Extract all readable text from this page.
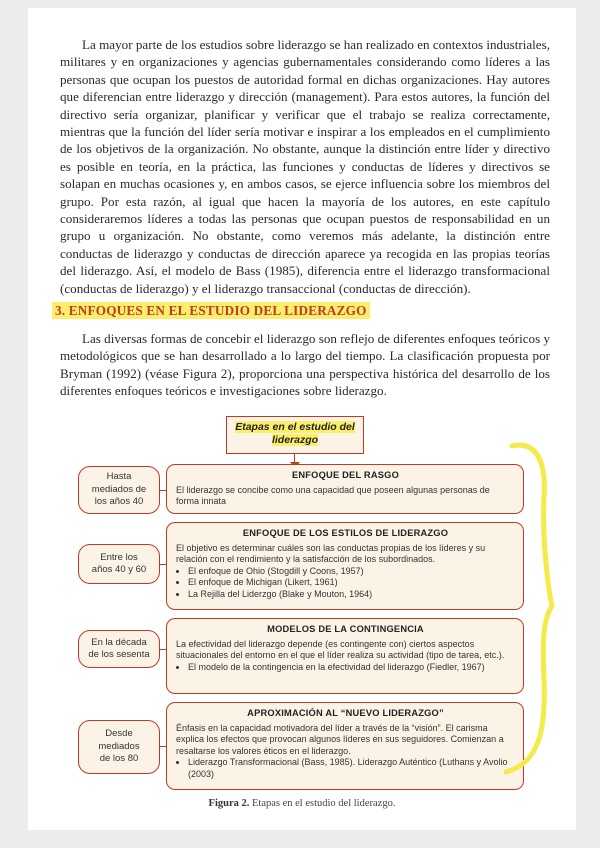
La mayor parte de los estudios sobre liderazgo se han realizado en contextos industriales, militares y en organizaciones y agencias gubernamentales considerando como líderes a las personas que ocupan los puestos de autoridad formal en dichas organizaciones. Hay autores que diferencian entre liderazgo y dirección (management). Para estos autores, la función del directivo sería organizar, planificar y verificar que el trabajo se realiza correctamente, mientras que la función del líder sería motivar e inspirar a los empleados en el cumplimiento de los objetivos de la organización. No obstante, aunque la distinción entre líder y directivo es posible en teoría, en la práctica, las funciones y conductas de líderes y directivos se solapan en muchas ocasiones y, en ambos casos, se ejerce influencia sobre los miembros del grupo. Por esta razón, al igual que hacen la mayoría de los autores, en este capítulo consideraremos líderes a todas las personas que ocupan puestos de responsabilidad en un grupo u organización. No obstante, como veremos más adelante, la distinción entre conductas de liderazgo y conductas de dirección aparece ya recogida en las propias teorías del liderazgo. Así, el modelo de Bass (1985), diferencia entre el liderazgo transformacional (conductas de liderazgo) y el liderazgo transaccional (conductas de dirección).

3. ENFOQUES EN EL ESTUDIO DEL LIDERAZGO

Las diversas formas de concebir el liderazgo son reflejo de diferentes enfoques teóricos y metodológicos que se han desarrollado a lo largo del tiempo. La clasificación propuesta por Bryman (1992) (véase Figura 2), proporciona una perspectiva histórica del desarrollo de los diferentes enfoques teóricos e investigaciones sobre liderazgo.

Etapas en el estudio del liderazgo
Hasta mediados de los años 40
ENFOQUE DEL RASGO

El liderazgo se concibe como una capacidad que poseen algunas personas de forma innata

Entre los años 40 y 60
ENFOQUE DE LOS ESTILOS DE LIDERAZGO

El objetivo es determinar cuáles son las conductas propias de los líderes y su relación con el rendimiento y la satisfacción de los subordinados.

• El enfoque de Ohio (Stogdill y Coons, 1957)
• El enfoque de Michigan (Likert, 1961)
• La Rejilla del Liderzgo (Blake y Mouton, 1964)
En la década de los sesenta
MODELOS DE LA CONTINGENCIA

La efectividad del liderazgo depende (es contingente con) ciertos aspectos situacionales del entorno en el que el líder realiza su actividad (tipo de tarea, etc.).

• El modelo de la contingencia en la efectividad del liderazgo (Fiedler, 1967)
Desde mediados de los 80
APROXIMACIÓN AL “NUEVO LIDERAZGO”

Énfasis en la capacidad motivadora del líder a través de la “visión”. El carisma explica los efectos que provocan algunos líderes en sus seguidores. Comienzan a resaltarse los valores éticos en el liderazgo.

• Liderazgo Transformacional (Bass, 1985). Liderazgo Auténtico (Luthans y Avolio (2003)
Figura 2. Etapas en el estudio del liderazgo.
